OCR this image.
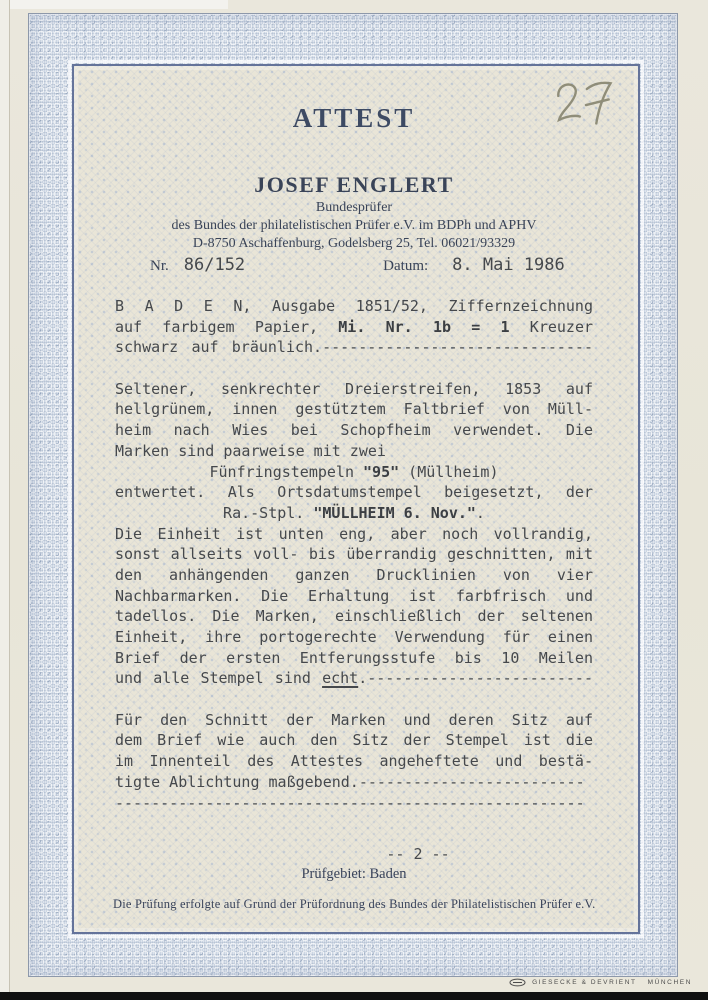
ATTEST
JOSEF ENGLERT
Bundesprüfer
des Bundes der philatelistischen Prüfer e.V. im BDPh und APHV
D-8750 Aschaffenburg, Godelsberg 25, Tel. 06021/93329
Nr. 86/152	Datum: 8. Mai 1986
B A D E N, Ausgabe 1851/52, Ziffernzeichnung
auf farbigem Papier, Mi. Nr. 1b = 1 Kreuzer
schwarz auf bräunlich.------------------------------
Seltener, senkrechter Dreierstreifen, 1853 auf
hellgrünem, innen gestütztem Faltbrief von Müll-
heim nach Wies bei Schopfheim verwendet. Die
Marken sind paarweise mit zwei
Fünfringstempeln "95" (Müllheim)
entwertet. Als Ortsdatumstempel beigesetzt, der
Ra.-Stpl. "MÜLLHEIM 6. Nov.".
Die Einheit ist unten eng, aber noch vollrandig,
sonst allseits voll- bis überrandig geschnitten, mit
den anhängenden ganzen Drucklinien von vier
Nachbarmarken. Die Erhaltung ist farbfrisch und
tadellos. Die Marken, einschließlich der seltenen
Einheit, ihre portogerechte Verwendung für einen
Brief der ersten Entferungsstufe bis 10 Meilen
und alle Stempel sind echt.-------------------------
Für den Schnitt der Marken und deren Sitz auf
dem Brief wie auch den Sitz der Stempel ist die
im Innenteil des Attestes angeheftete und bestä-
tigte Ablichtung maßgebend.-------------------------
----------------------------------------------------
-- 2 --
Prüfgebiet: Baden
Die Prüfung erfolgte auf Grund der Prüfordnung des Bundes der Philatelistischen Prüfer e.V.
GIESECKE & DEVRIENT MÜNCHEN
